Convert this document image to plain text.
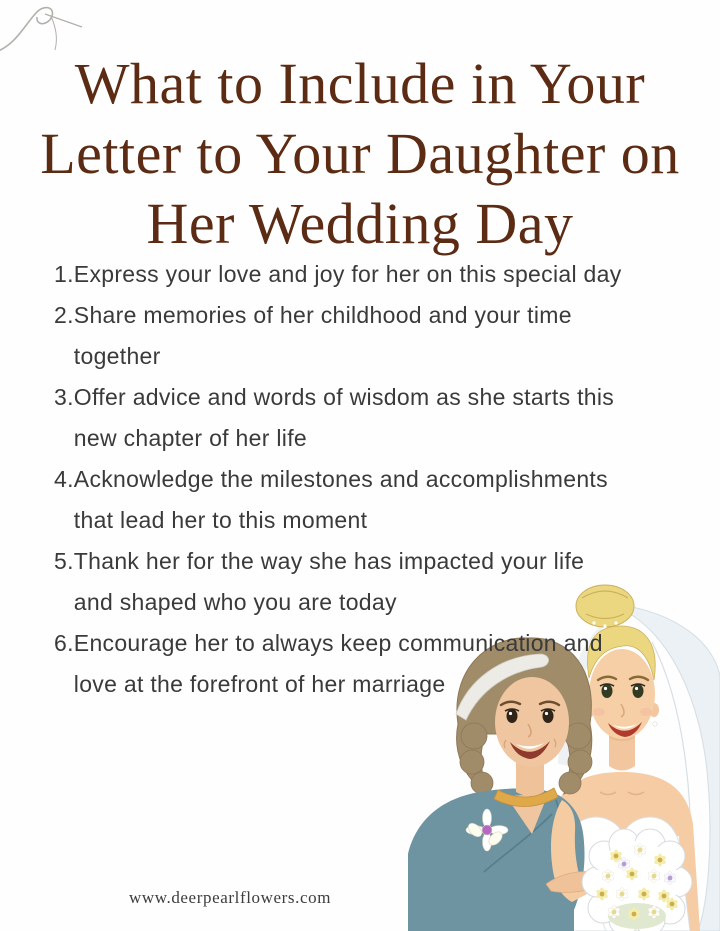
What to Include in Your
Letter to Your Daughter on
Her Wedding Day
1. Express your love and joy for her on this special day
2. Share memories of her childhood and your time
together
3. Offer advice and words of wisdom as she starts this
new chapter of her life
4. Acknowledge the milestones and accomplishments
that lead her to this moment
5. Thank her for the way she has impacted your life
and shaped who you are today
6. Encourage her to always keep communication and
love at the forefront of her marriage
www.deerpearlflowers.com
